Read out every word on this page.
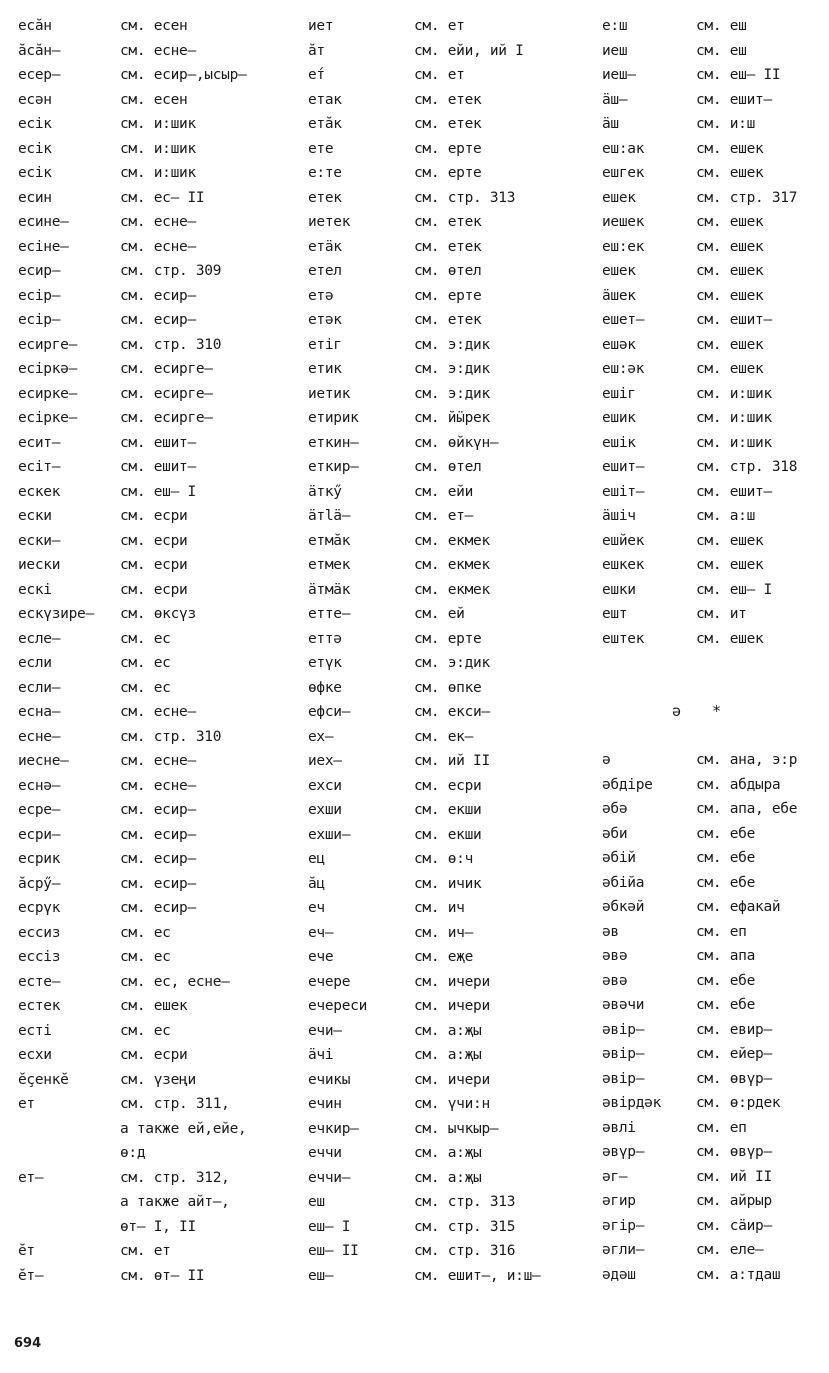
есӑн	см. есен
ӑсӑн–	см. есне–
есер–	см. есир–,ысыр–
есән	см. есен
есік	см. и:шик
есік	см. и:шик
есік	см. и:шик
есин	см. ес– II
есине–	см. есне–
есіне–	см. есне–
есир–	см. стр. 309
есір–	см. есир–
есір–	см. есир–
есирге–	см. стр. 310
есіркә–	см. есирге–
есирке–	см. есирге–
есірке–	см. есирге–
есит–	см. ешит–
есіт–	см. ешит–
ескек	см. еш– I
ески	см. есри
ески–	см. есри
иески	см. есри
ескі	см. есри
ескүзире– см. өксүз
есле–	см. ес
если	см. ес
если–	см. ес
есна–	см. есне–
есне–	см. стр. 310
иесне–	см. есне–
еснә–	см. есне–
есре–	см. есир–
есри–	см. есир–
есрик	см. есир–
ӑсрӳ–	см. есир–
есрүк	см. есир–
ессиз	см. ес
ессіз	см. ес
есте–	см. ес, есне–
естек	см. ешек
есті	см. ес
есхи	см. есри
ӗҫенкӗ	см. үзеңи
ет	см. стр. 311,
а также ей,ейе,
ө:д
ет–	см. стр. 312,
а также айт–,
өт– I, II
ӗт	см. ет
ӗт–	см. өт– II
иет	см. ет
ӑт	см. ейи, ий I
ет́	см. ет
етак	см. етек
етӑк	см. етек
ете	см. ерте
е:те	см. ерте
етек	см. стр. 313
иетек	см. етек
етӓк	см. етек
етел	см. өтел
етә	см. ерте
етәк	см. етек
етіг	см. э:дик
етик	см. э:дик
иетик	см. э:дик
етирик	см. йӹрек
еткин–	см. өйкүн–
еткир–	см. өтел
ӓткӳ	см. ейи
ӓтlӓ–	см. ет–
етмӑк	см. екмек
етмек	см. екмек
ӓтмӓк	см. екмек
етте–	см. ей
еттә	см. ерте
етүк	см. э:дик
өфке	см. өпке
ефси–	см. екси–
ех–	см. ек–
иех–	см. ий II
ехси	см. есри
ехши	см. екши
ехши–	см. екши
ец	см. ө:ч
ӑц	см. ичик
еч	см. ич
еч–	см. ич–
ече	см. еҗе
ечере	см. ичери
ечереси	см. ичери
ечи–	см. а:җы
ӓчі	см. а:җы
ечикы	см. ичери
ечин	см. үчи:н
ечкир–	см. ычкыр–
еччи	см. а:җы
еччи–	см. а:җы
еш	см. стр. 313
еш– I	см. стр. 315
еш– II	см. стр. 316
еш–	см. ешит–, и:ш–
е:ш	см. еш
иеш	см. еш
иеш–	см. еш– II
ӓш–	см. ешит–
ӓш	см. и:ш
еш:ак	см. ешек
ешгек	см. ешек
ешек	см. стр. 317
иешек	см. ешек
еш:ек	см. ешек
ешек	см. ешек
ӓшек	см. ешек
ешет–	см. ешит–
ешәк	см. ешек
еш:әк	см. ешек
ешіг	см. и:шик
ешик	см. и:шик
ешік	см. и:шик
ешит–	см. стр. 318
ешіт–	см. ешит–
ӓшіч	см. а:ш
ешйек	см. ешек
ешкек	см. ешек
ешки	см. еш– I
ешт	см. ит
ештек	см. ешек
ә *
ә	см. ана, э:р
әбдіре	см. абдыра
әбә	см. апа, ебе
әби	см. ебе
әбій	см. ебе
әбійа	см. ебе
әбкәй	см. ефакай
әв	см. еп
әвә	см. апа
әвә	см. ебе
әвәчи	см. ебе
әвір–	см. евир–
әвір–	см. ейер–
әвір–	см. өвүр–
әвірдәк см. ө:рдек
әвлі	см. еп
әвүр–	см. өвүр–
әг–	см. ий II
әгир	см. айрыр
әгір–	см. сӓир–
әгли–	см. еле–
әдәш	см. а:тдаш
694
